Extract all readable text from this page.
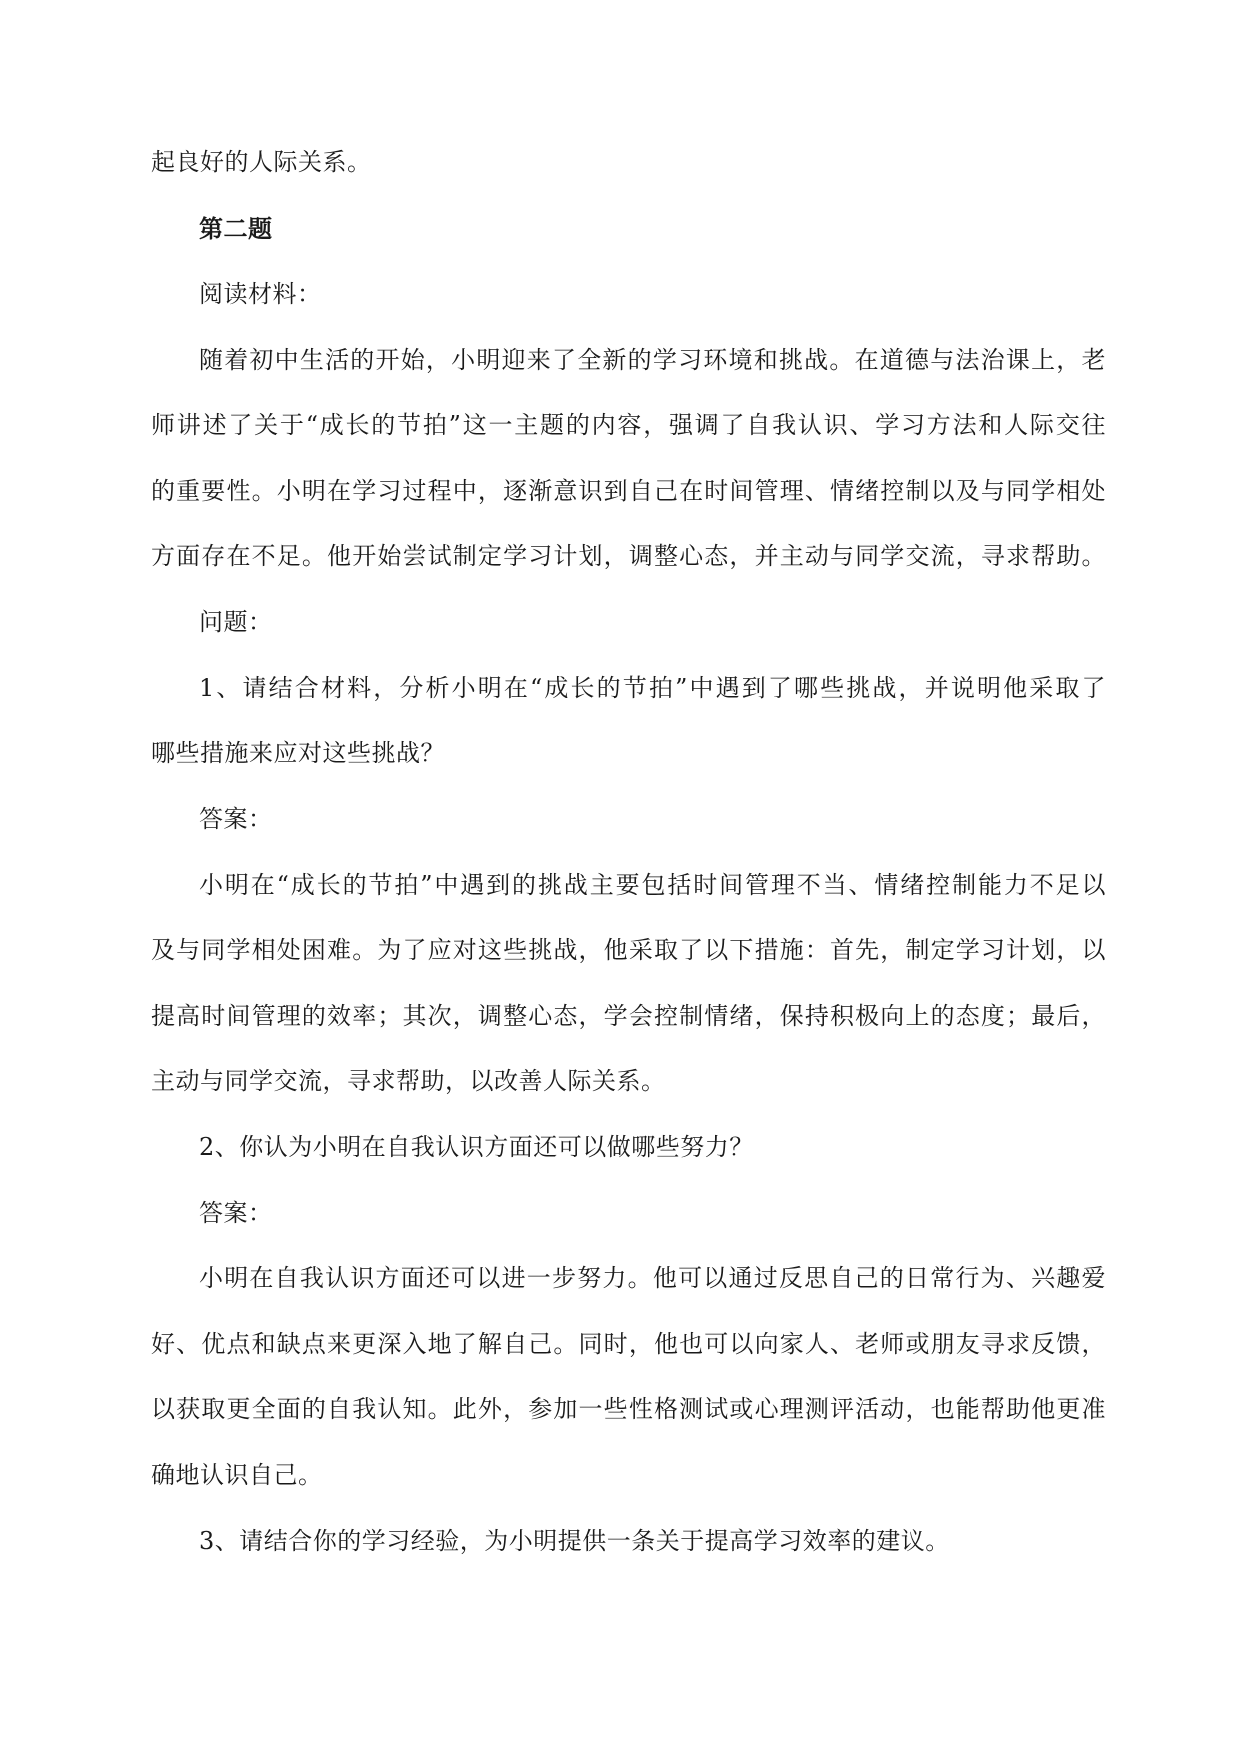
起良好的人际关系。
第二题
阅读材料：
随着初中生活的开始，小明迎来了全新的学习环境和挑战。在道德与法治课上，老
师讲述了关于“成长的节拍”这一主题的内容，强调了自我认识、学习方法和人际交往
的重要性。小明在学习过程中，逐渐意识到自己在时间管理、情绪控制以及与同学相处
方面存在不足。他开始尝试制定学习计划，调整心态，并主动与同学交流，寻求帮助。
问题：
1、请结合材料，分析小明在“成长的节拍”中遇到了哪些挑战，并说明他采取了
哪些措施来应对这些挑战？
答案：
小明在“成长的节拍”中遇到的挑战主要包括时间管理不当、情绪控制能力不足以
及与同学相处困难。为了应对这些挑战，他采取了以下措施：首先，制定学习计划，以
提高时间管理的效率；其次，调整心态，学会控制情绪，保持积极向上的态度；最后，
主动与同学交流，寻求帮助，以改善人际关系。
2、你认为小明在自我认识方面还可以做哪些努力？
答案：
小明在自我认识方面还可以进一步努力。他可以通过反思自己的日常行为、兴趣爱
好、优点和缺点来更深入地了解自己。同时，他也可以向家人、老师或朋友寻求反馈，
以获取更全面的自我认知。此外，参加一些性格测试或心理测评活动，也能帮助他更准
确地认识自己。
3、请结合你的学习经验，为小明提供一条关于提高学习效率的建议。
